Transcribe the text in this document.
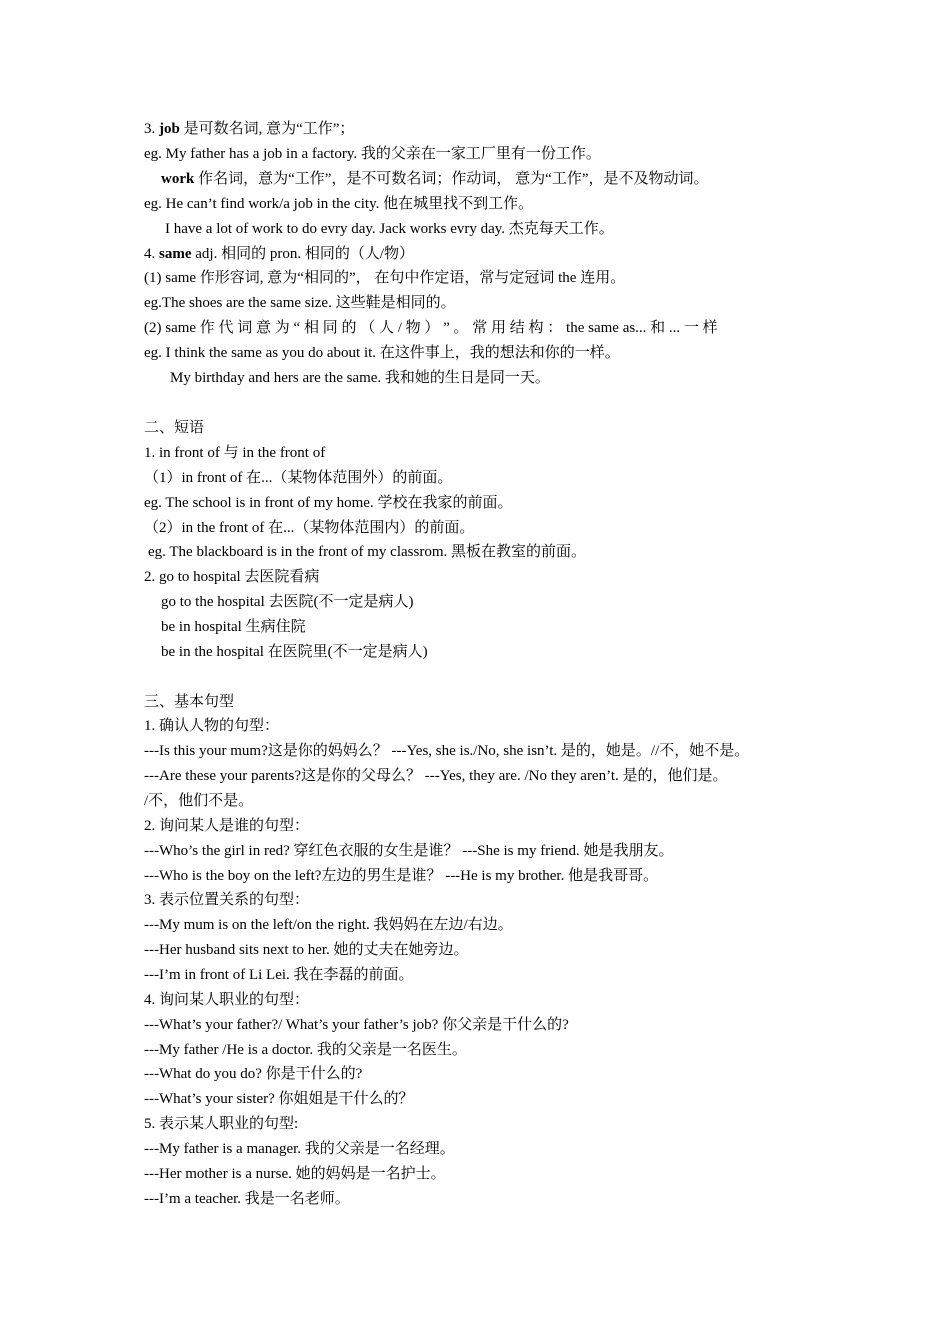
3. job 是可数名词, 意为“工作”；
eg. My father has a job in a factory. 我的父亲在一家工厂里有一份工作。
work 作名词，意为“工作”，是不可数名词；作动词， 意为“工作”，是不及物动词。
eg. He can’t find work/a job in the city. 他在城里找不到工作。
I have a lot of work to do evry day. Jack works evry day. 杰克每天工作。
4. same adj. 相同的 pron. 相同的（人/物）
(1) same 作形容词, 意为“相同的”， 在句中作定语，常与定冠词 the 连用。
eg.The shoes are the same size. 这些鞋是相同的。
(2) same 作 代 词 意 为 “ 相 同 的 （ 人 / 物 ） ” 。 常 用 结 构 ： the same as... 和 ... 一 样
eg. I think the same as you do about it. 在这件事上，我的想法和你的一样。
My birthday and hers are the same. 我和她的生日是同一天。
二、短语
1. in front of 与 in the front of
（1）in front of 在...（某物体范围外）的前面。
eg. The school is in front of my home. 学校在我家的前面。
（2）in the front of 在...（某物体范围内）的前面。
eg. The blackboard is in the front of my classrom. 黑板在教室的前面。
2. go to hospital 去医院看病
go to the hospital 去医院(不一定是病人)
be in hospital 生病住院
be in the hospital 在医院里(不一定是病人)
三、基本句型
1. 确认人物的句型：
---Is this your mum?这是你的妈妈么？ ---Yes, she is./No, she isn’t. 是的，她是。//不，她不是。
---Are these your parents?这是你的父母么？ ---Yes, they are. /No they aren’t. 是的，他们是。
/不，他们不是。
2. 询问某人是谁的句型：
---Who’s the girl in red? 穿红色衣服的女生是谁？ ---She is my friend. 她是我朋友。
---Who is the boy on the left?左边的男生是谁？ ---He is my brother. 他是我哥哥。
3. 表示位置关系的句型：
---My mum is on the left/on the right. 我妈妈在左边/右边。
---Her husband sits next to her. 她的丈夫在她旁边。
---I’m in front of Li Lei. 我在李磊的前面。
4. 询问某人职业的句型：
---What’s your father?/ What’s your father’s job? 你父亲是干什么的?
---My father /He is a doctor. 我的父亲是一名医生。
---What do you do? 你是干什么的?
---What’s your sister? 你姐姐是干什么的？
5. 表示某人职业的句型:
---My father is a manager. 我的父亲是一名经理。
---Her mother is a nurse. 她的妈妈是一名护士。
---I’m a teacher. 我是一名老师。
